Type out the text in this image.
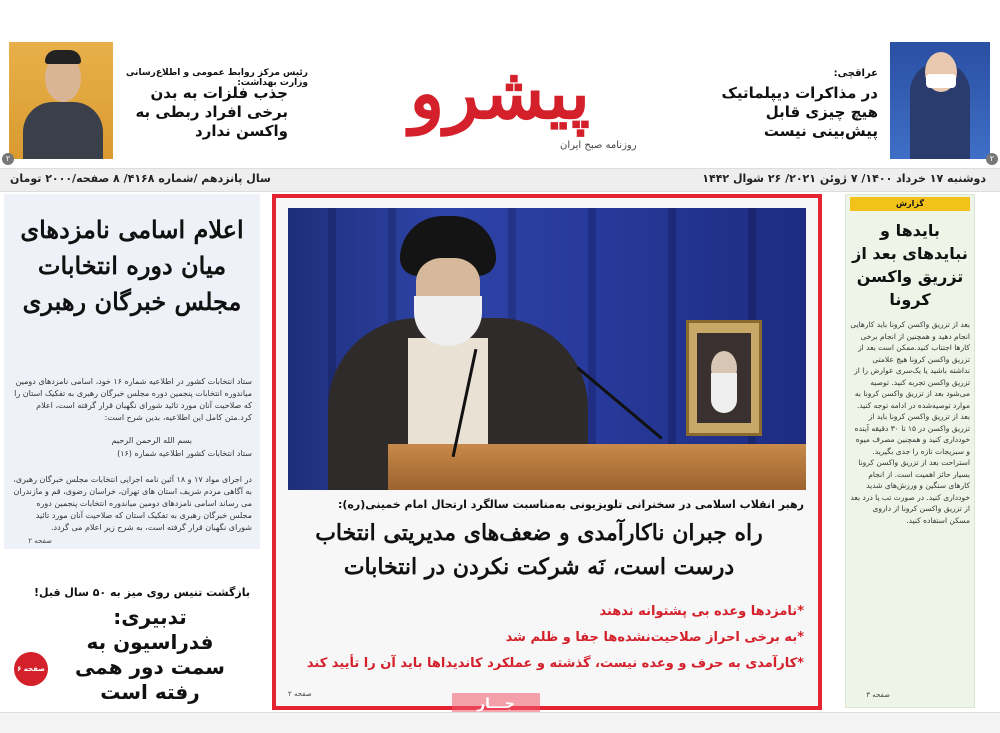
۲
عراقچی:
در مذاکرات دیپلماتیک هیچ چیزی قابل پیش‌بینی نیست
پیشرو
روزنامه صبح ایران
۲
رئیس مرکز روابط عمومی و اطلاع‌رسانی وزارت بهداشت:
جذب فلزات به بدن برخی افراد ربطی به واکسن ندارد
دوشنبه ۱۷ خرداد ۱۴۰۰/ ۷ ژوئن ۲۰۲۱/ ۲۶ شوال ۱۴۴۲
سال پانزدهم /شماره ۴۱۶۸/ ۸ صفحه/۲۰۰۰ تومان
اعلام اسامی نامزدهای میان دوره انتخابات مجلس خبرگان رهبری
ستاد انتخابات کشور در اطلاعیه شماره ۱۶ خود، اسامی نامزدهای دومین میاندوره انتخابات پنجمین دوره مجلس خبرگان رهبری به تفکیک استان را که صلاحیت آنان مورد تائید شورای نگهبان قرار گرفته است، اعلام کرد.متن کامل این اطلاعیه، بدین شرح است:
بسم الله الرحمن الرحیم
ستاد انتخابات کشور اطلاعیه شماره (۱۶)
در اجرای مواد ۱۷ و ۱۸ آئین نامه اجرایی انتخابات مجلس خبرگان رهبری، به آگاهی مردم شریف استان های تهران، خراسان رضوی، قم و مازندران می رساند اسامی نامزدهای دومین میاندوره انتخابات پنجمین دوره مجلس خبرگان رهبری به تفکیک استان که صلاحیت آنان مورد تائید شورای نگهبان قرار گرفته است، به شرح زیر اعلام می گردد.
صفحه ۲
بازگشت تنیس روی میز به ۵۰ سال قبل!
تدبیری: فدراسیون به سمت دور همی رفته است
صفحه ۶
رهبر انقلاب اسلامی در سخنرانی تلویزیونی به‌مناسبت سالگرد ارتحال امام خمینی(ره):
راه جبران ناکارآمدی و ضعف‌های مدیریتی انتخاب
درست است، نَه شرکت نکردن در انتخابات
*نامزدها وعده بی پشتوانه ندهند
*به برخی احراز صلاحیت‌نشده‌ها جفا و ظلم شد
*کارآمدی به حرف و وعده نیست، گذشته و عملکرد کاندیداها باید آن را تأیید کند
صفحه ۲
گزارش
بایدها و نبایدهای بعد از تزریق واکسن کرونا
بعد از تزریق واکسن کرونا باید کارهایی انجام دهید و همچنین از انجام برخی کارها اجتناب کنید.ممکن است بعد از تزریق واکسن کرونا هیچ علامتی نداشته باشید یا یک‌سری عوارض را از تزریق واکسن تجربه کنید. توصیه می‌شود بعد از تزریق واکسن کرونا به موارد توصیه‌شده در ادامه توجه کنید. بعد از تزریق واکسن کرونا باید از تزریق واکسن در ۱۵ تا ۳۰ دقیقه آینده خودداری کنید و همچنین مصرف میوه و سبزیجات تازه را جدی بگیرید. استراحت بعد از تزریق واکسن کرونا بسیار حائز اهمیت است. از انجام کارهای سنگین و ورزش‌های شدید خودداری کنید. در صورت تب یا درد بعد از تزریق واکسن کرونا از داروی مسکن استفاده کنید.
صفحه ۳
جـــار
